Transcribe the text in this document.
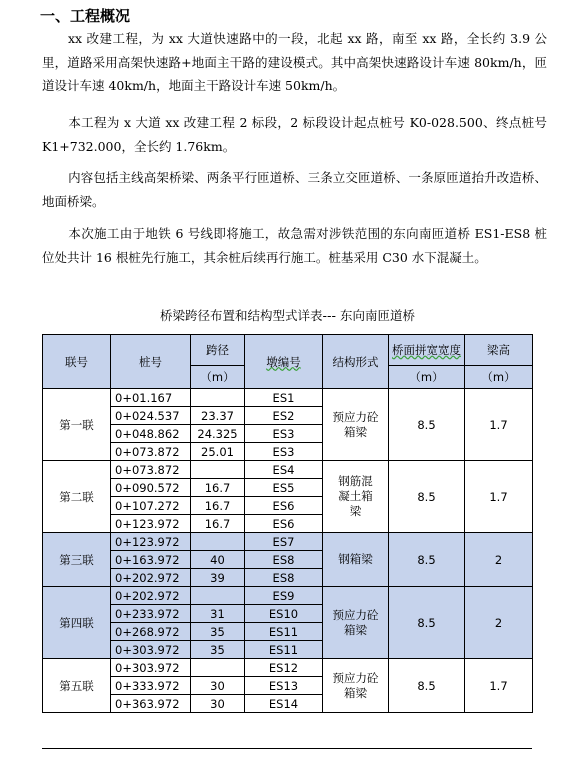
一、工程概况
xx 改建工程，为 xx 大道快速路中的一段，北起 xx 路，南至 xx 路，全长约 3.9 公里，道路采用高架快速路+地面主干路的建设模式。其中高架快速路设计车速 80km/h，匝道设计车速 40km/h，地面主干路设计车速 50km/h。
本工程为 x 大道 xx 改建工程 2 标段，2 标段设计起点桩号 K0-028.500、终点桩号 K1+732.000，全长约 1.76km。
内容包括主线高架桥梁、两条平行匝道桥、三条立交匝道桥、一条原匝道抬升改造桥、地面桥梁。
本次施工由于地铁 6 号线即将施工，故急需对涉铁范围的东向南匝道桥 ES1-ES8 桩位处共计 16 根桩先行施工，其余桩后续再行施工。桩基采用 C30 水下混凝土。
桥梁跨径布置和结构型式详表--- 东向南匝道桥
联号	桩号	跨径	墩编号	结构形式	桥面拼宽宽度	梁高
		（m）			（m）	（m）
第一联	0+01.167		ES1	预应力砼箱梁	8.5	1.7
	0+024.537	23.37	ES2			
	0+048.862	24.325	ES3			
	0+073.872	25.01	ES3			
第二联	0+073.872		ES4	钢筋混凝土箱梁	8.5	1.7
	0+090.572	16.7	ES5			
	0+107.272	16.7	ES6			
	0+123.972	16.7	ES6			
第三联	0+123.972		ES7	钢箱梁	8.5	2
	0+163.972	40	ES8			
	0+202.972	39	ES8			
第四联	0+202.972		ES9	预应力砼箱梁	8.5	2
	0+233.972	31	ES10			
	0+268.972	35	ES11			
	0+303.972	35	ES11			
第五联	0+303.972		ES12	预应力砼箱梁	8.5	1.7
	0+333.972	30	ES13			
	0+363.972	30	ES14			
